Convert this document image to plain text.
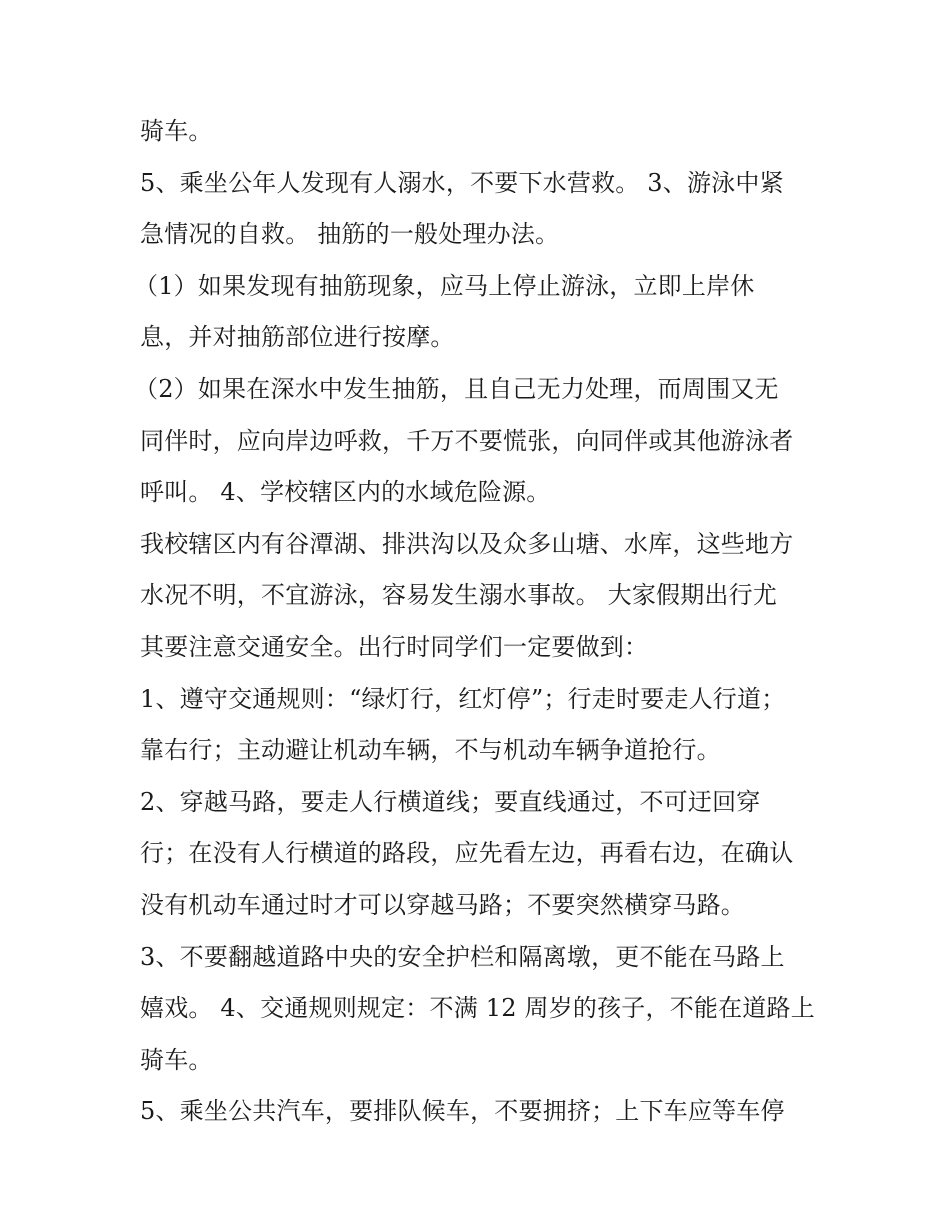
骑车。
5、乘坐公年人发现有人溺水，不要下水营救。 3、游泳中紧
急情况的自救。 抽筋的一般处理办法。
（1）如果发现有抽筋现象，应马上停止游泳，立即上岸休
息，并对抽筋部位进行按摩。
（2）如果在深水中发生抽筋，且自己无力处理，而周围又无
同伴时，应向岸边呼救，千万不要慌张，向同伴或其他游泳者
呼叫。 4、学校辖区内的水域危险源。
我校辖区内有谷潭湖、排洪沟以及众多山塘、水库，这些地方
水况不明，不宜游泳，容易发生溺水事故。 大家假期出行尤
其要注意交通安全。出行时同学们一定要做到：
1、遵守交通规则：“绿灯行，红灯停”；行走时要走人行道；
靠右行；主动避让机动车辆，不与机动车辆争道抢行。
2、穿越马路，要走人行横道线；要直线通过，不可迂回穿
行；在没有人行横道的路段，应先看左边，再看右边，在确认
没有机动车通过时才可以穿越马路；不要突然横穿马路。
3、不要翻越道路中央的安全护栏和隔离墩，更不能在马路上
嬉戏。 4、交通规则规定：不满 12 周岁的孩子，不能在道路上
骑车。
5、乘坐公共汽车，要排队候车，不要拥挤；上下车应等车停
